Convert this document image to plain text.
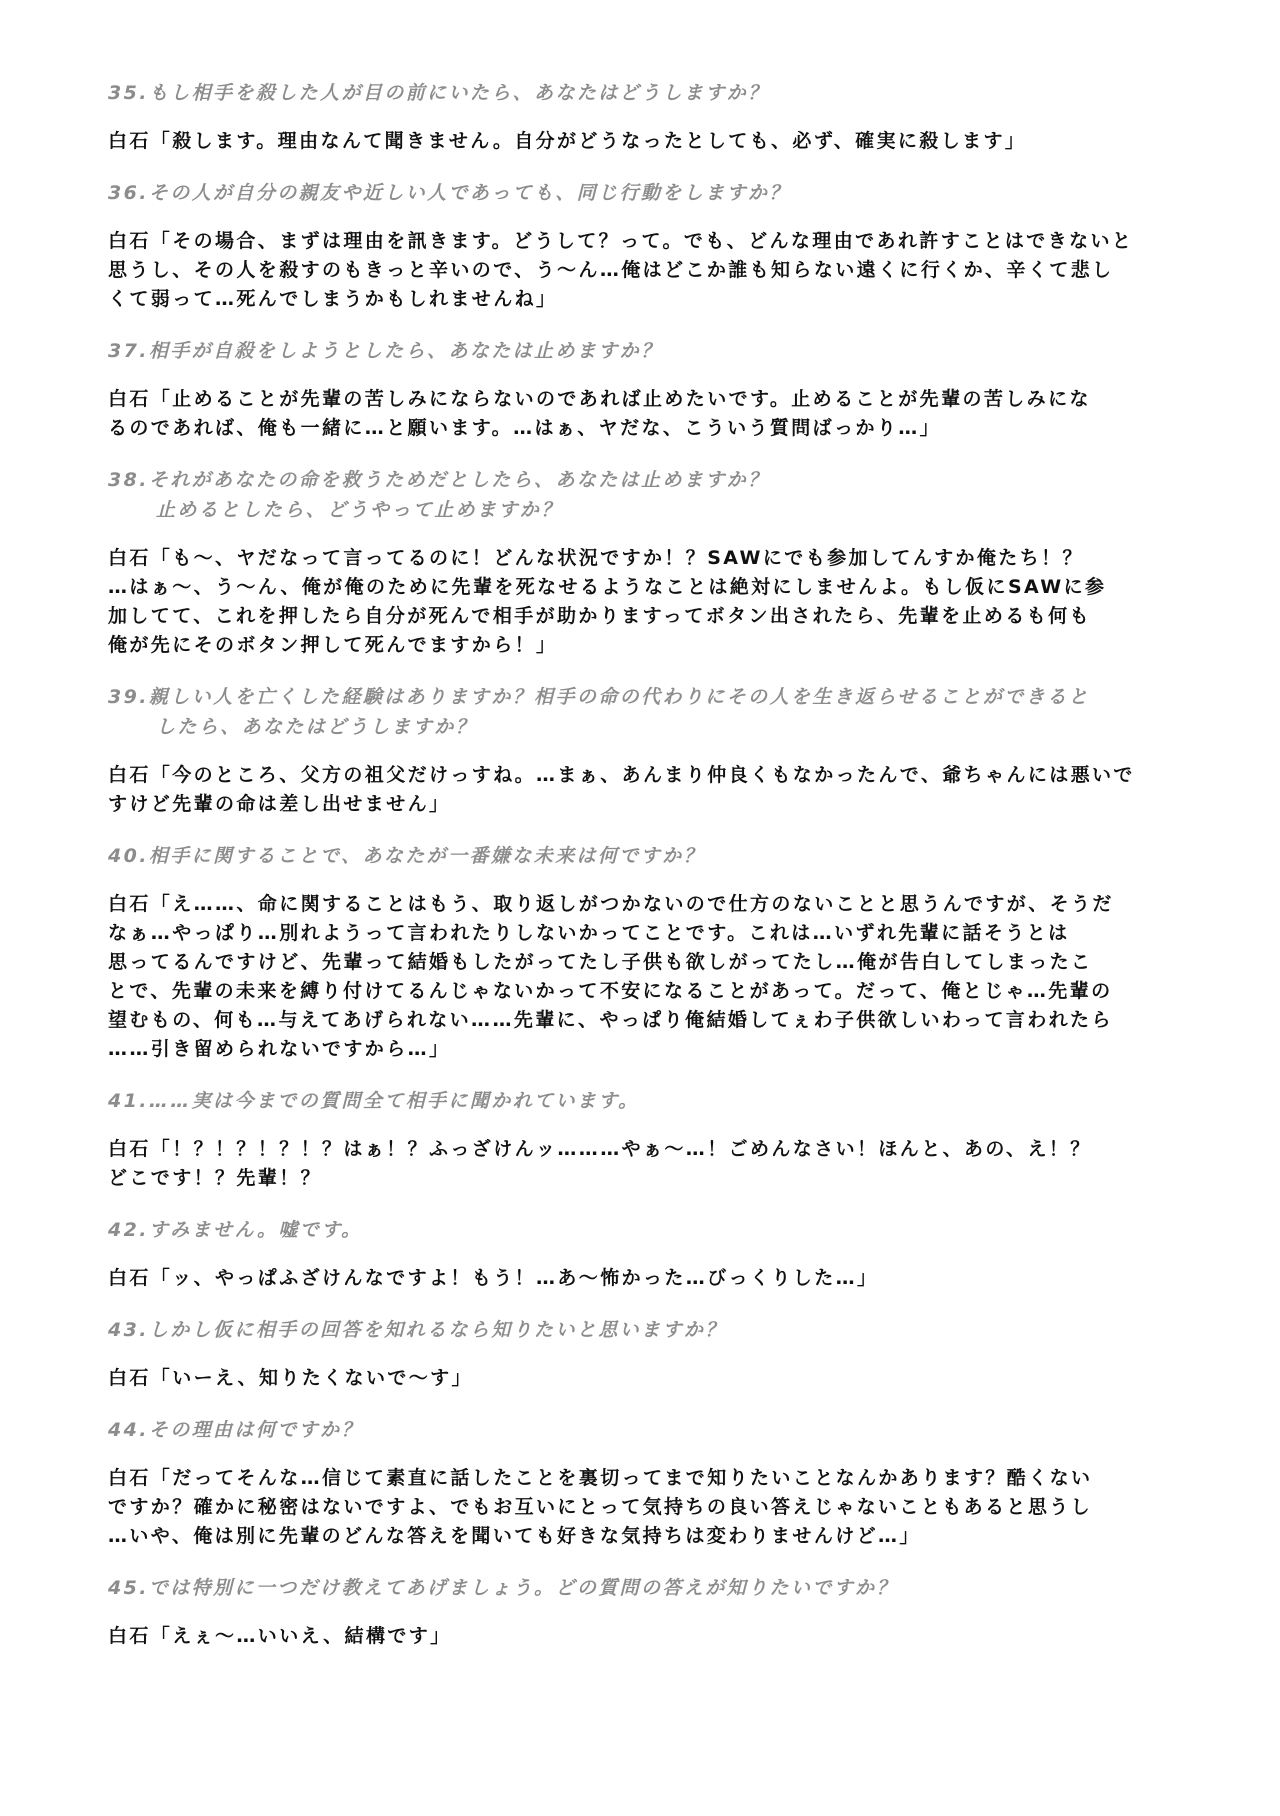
35.もし相手を殺した人が目の前にいたら、あなたはどうしますか？
白石「殺します。理由なんて聞きません。自分がどうなったとしても、必ず、確実に殺します」
36.その人が自分の親友や近しい人であっても、同じ行動をしますか？
白石「その場合、まずは理由を訊きます。どうして？って。でも、どんな理由であれ許すことはできないと
思うし、その人を殺すのもきっと辛いので、う～ん…俺はどこか誰も知らない遠くに行くか、辛くて悲し
くて弱って…死んでしまうかもしれませんね」
37.相手が自殺をしようとしたら、あなたは止めますか？
白石「止めることが先輩の苦しみにならないのであれば止めたいです。止めることが先輩の苦しみにな
るのであれば、俺も一緒に…と願います。…はぁ、ヤだな、こういう質問ばっかり…」
38.それがあなたの命を救うためだとしたら、あなたは止めますか？
止めるとしたら、どうやって止めますか？
白石「も～、ヤだなって言ってるのに！どんな状況ですか！？SAWにでも参加してんすか俺たち！？
…はぁ～、う～ん、俺が俺のために先輩を死なせるようなことは絶対にしませんよ。もし仮にSAWに参
加してて、これを押したら自分が死んで相手が助かりますってボタン出されたら、先輩を止めるも何も
俺が先にそのボタン押して死んでますから！」
39.親しい人を亡くした経験はありますか？相手の命の代わりにその人を生き返らせることができると
したら、あなたはどうしますか？
白石「今のところ、父方の祖父だけっすね。…まぁ、あんまり仲良くもなかったんで、爺ちゃんには悪いで
すけど先輩の命は差し出せません」
40.相手に関することで、あなたが一番嫌な未来は何ですか？
白石「え……、命に関することはもう、取り返しがつかないので仕方のないことと思うんですが、そうだ
なぁ…やっぱり…別れようって言われたりしないかってことです。これは…いずれ先輩に話そうとは
思ってるんですけど、先輩って結婚もしたがってたし子供も欲しがってたし…俺が告白してしまったこ
とで、先輩の未来を縛り付けてるんじゃないかって不安になることがあって。だって、俺とじゃ…先輩の
望むもの、何も…与えてあげられない……先輩に、やっぱり俺結婚してぇわ子供欲しいわって言われたら
……引き留められないですから…」
41.……実は今までの質問全て相手に聞かれています。
白石「！？！？！？！？はぁ！？ふっざけんッ………やぁ～…！ごめんなさい！ほんと、あの、え！？
どこです！？先輩！？
42.すみません。嘘です。
白石「ッ、やっぱふざけんなですよ！もう！…あ～怖かった…びっくりした…」
43.しかし仮に相手の回答を知れるなら知りたいと思いますか？
白石「いーえ、知りたくないで～す」
44.その理由は何ですか？
白石「だってそんな…信じて素直に話したことを裏切ってまで知りたいことなんかあります？酷くない
ですか？確かに秘密はないですよ、でもお互いにとって気持ちの良い答えじゃないこともあると思うし
…いや、俺は別に先輩のどんな答えを聞いても好きな気持ちは変わりませんけど…」
45.では特別に一つだけ教えてあげましょう。どの質問の答えが知りたいですか？
白石「えぇ～…いいえ、結構です」
